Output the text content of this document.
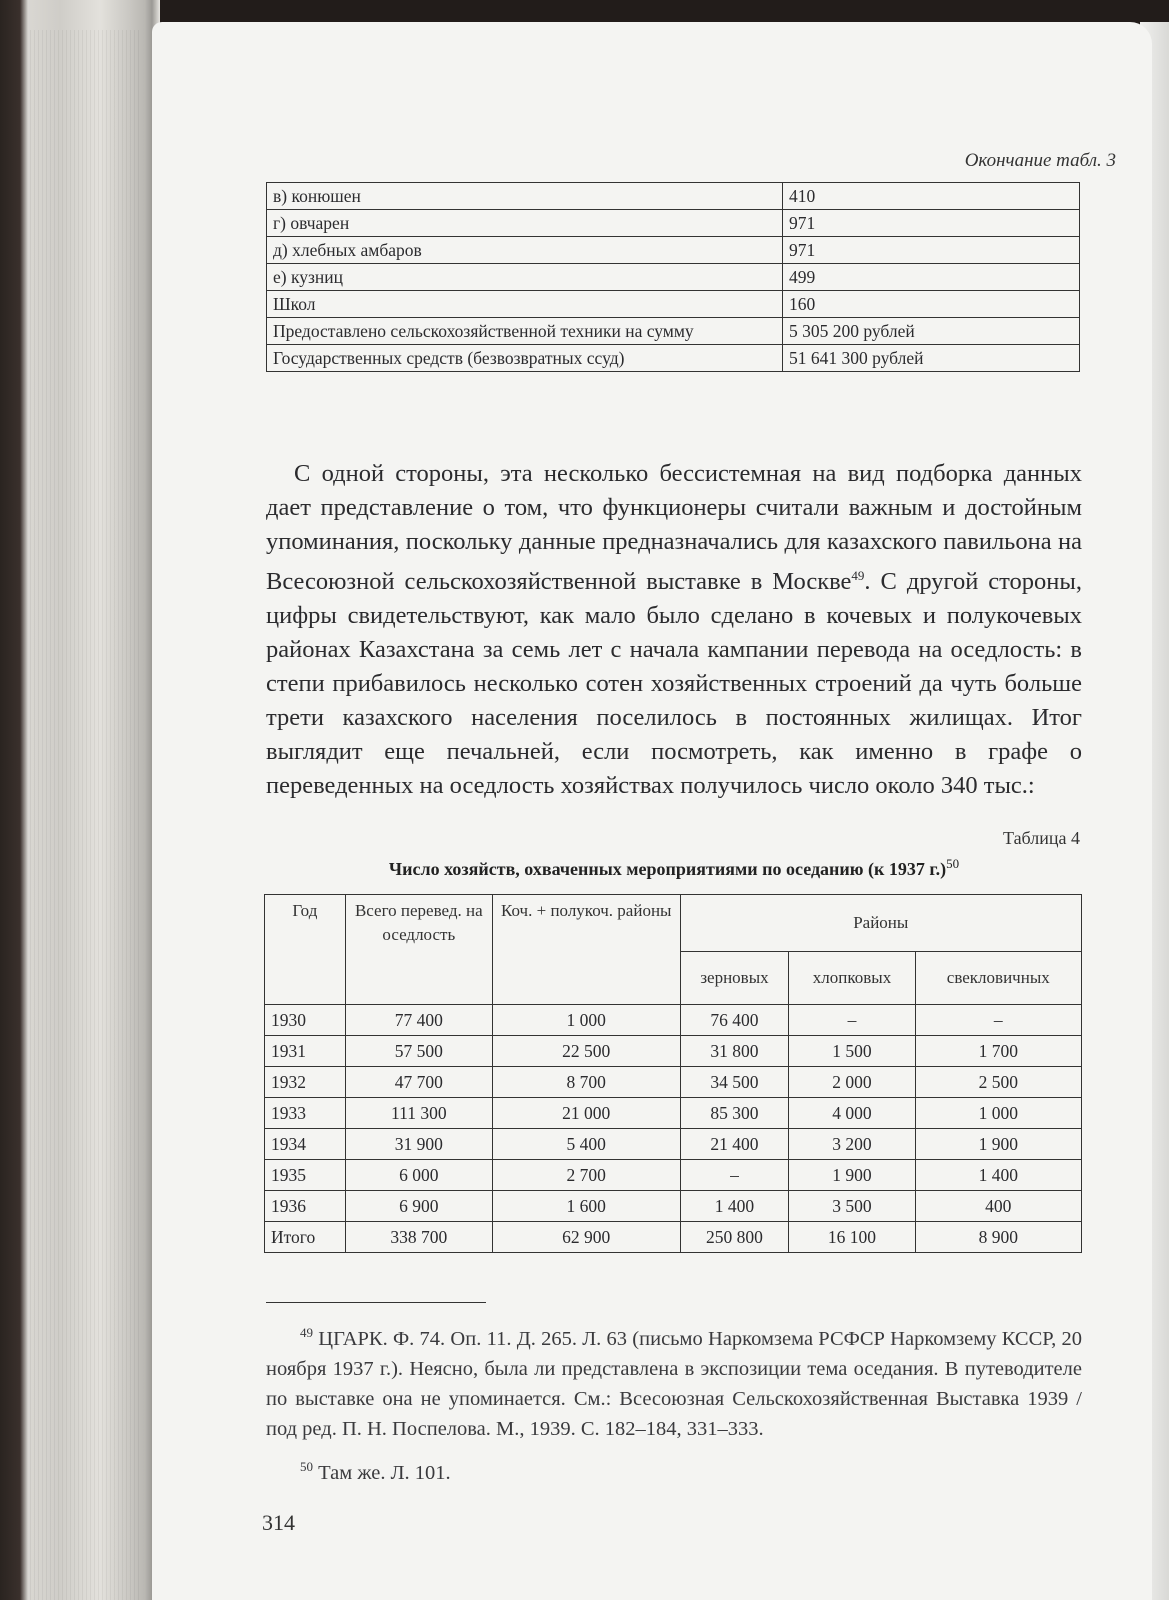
Окончание табл. 3
в) конюшен	410
г) овчарен	971
д) хлебных амбаров	971
е) кузниц	499
Школ	160
Предоставлено сельскохозяйственной техники на сумму	5 305 200 рублей
Государственных средств (безвозвратных ссуд)	51 641 300 рублей
С одной стороны, эта несколько бессистемная на вид подборка данных дает представление о том, что функционеры считали важным и достойным упоминания, поскольку данные предназначались для казахского павильона на Всесоюзной сельскохозяйственной выставке в Москве$^{49}$. С другой стороны, цифры свидетельствуют, как мало было сделано в кочевых и полукочевых районах Казахстана за семь лет с начала кампании перевода на оседлость: в степи прибавилось несколько сотен хозяйственных строений да чуть больше трети казахского населения поселилось в постоянных жилищах. Итог выглядит еще печальней, если посмотреть, как именно в графе о переведенных на оседлость хозяйствах получилось число около 340 тыс.:
Таблица 4
Число хозяйств, охваченных мероприятиями по оседанию (к 1937 г.)$^{50}$
Год	Всего перевед. на оседлость	Коч. + полукоч. районы	Районы		
			зерновых	хлопковых	свекловичных
1930	77 400	1 000	76 400	–	–
1931	57 500	22 500	31 800	1 500	1 700
1932	47 700	8 700	34 500	2 000	2 500
1933	111 300	21 000	85 300	4 000	1 000
1934	31 900	5 400	21 400	3 200	1 900
1935	6 000	2 700	–	1 900	1 400
1936	6 900	1 600	1 400	3 500	400
Итого	338 700	62 900	250 800	16 100	8 900

$^{49}$ ЦГАРК. Ф. 74. Оп. 11. Д. 265. Л. 63 (письмо Наркомзема РСФСР Наркомзему КССР, 20 ноября 1937 г.). Неясно, была ли представлена в экспозиции тема оседания. В путеводителе по выставке она не упоминается. См.: Всесоюзная Сельскохозяйственная Выставка 1939 / под ред. П. Н. Поспелова. М., 1939. С. 182–184, 331–333.

$^{50}$ Там же. Л. 101.

314
